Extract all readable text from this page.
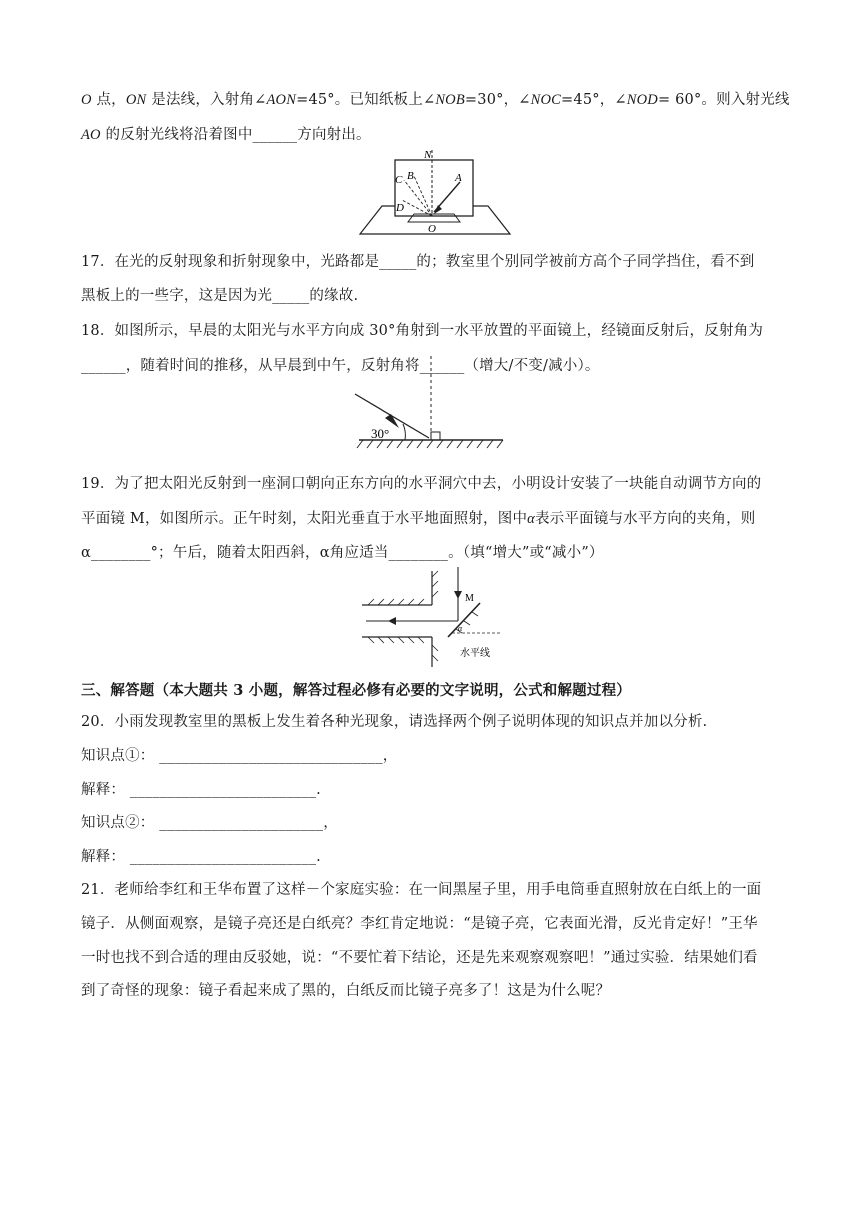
O 点，ON 是法线，入射角∠AON=45°。已知纸板上∠NOB=30°，∠NOC=45°，∠NOD= 60°。则入射光线
AO 的反射光线将沿着图中______方向射出。
N
C B	A
D
O
17．在光的反射现象和折射现象中，光路都是_____的；教室里个别同学被前方高个子同学挡住，看不到
黑板上的一些字，这是因为光_____的缘故.
18．如图所示，早晨的太阳光与水平方向成 30°角射到一水平放置的平面镜上，经镜面反射后，反射角为
______，随着时间的推移，从早晨到中午，反射角将______（增大/不变/减小）。
30°
19．为了把太阳光反射到一座洞口朝向正东方向的水平洞穴中去，小明设计安装了一块能自动调节方向的
平面镜 M，如图所示。正午时刻，太阳光垂直于水平地面照射，图中α表示平面镜与水平方向的夹角，则
α________°；午后，随着太阳西斜，α角应适当________。（填“增大”或“减小”）
M
α
水平线
三、解答题（本大题共 3 小题，解答过程必修有必要的文字说明，公式和解题过程）
20．小雨发现教室里的黑板上发生着各种光现象，请选择两个例子说明体现的知识点并加以分析.
知识点①： ______________________________，
解释： _________________________.
知识点②： ______________________，
解释： _________________________.
21．老师给李红和王华布置了这样－个家庭实验：在一间黑屋子里，用手电筒垂直照射放在白纸上的一面
镜子．从侧面观察，是镜子亮还是白纸亮？李红肯定地说：“是镜子亮，它表面光滑，反光肯定好！”王华
一时也找不到合适的理由反驳她，说：“不要忙着下结论，还是先来观察观察吧！”通过实验．结果她们看
到了奇怪的现象：镜子看起来成了黑的，白纸反而比镜子亮多了！这是为什么呢？
